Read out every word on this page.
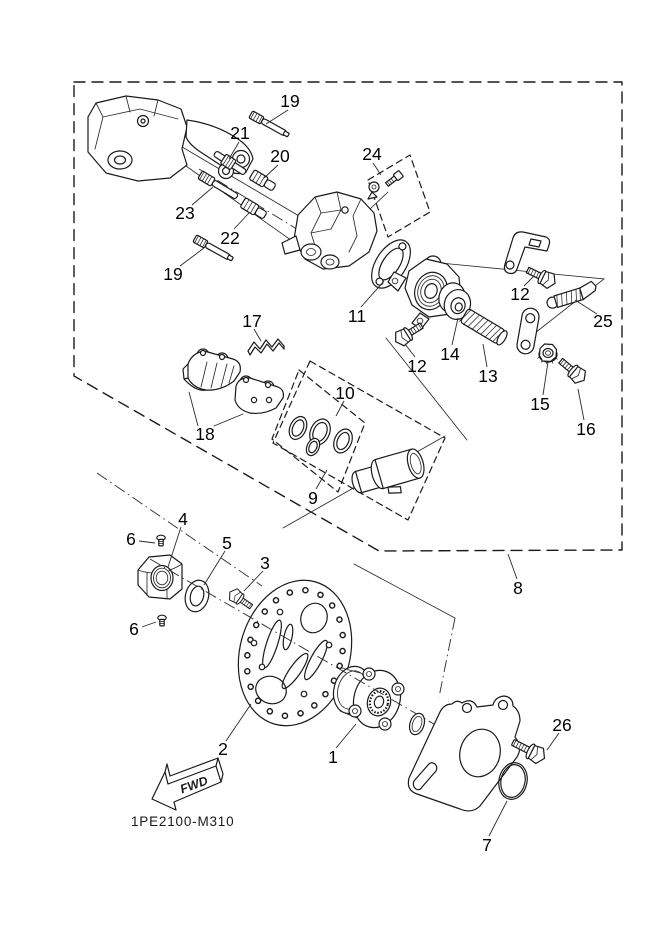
FWD
1PE2100-M310
19
21
20
23
22
19
24
11
12
25
14
12	13
15
16
17
18
10
9
8
4
6	5
3
6
2	1
26
7
